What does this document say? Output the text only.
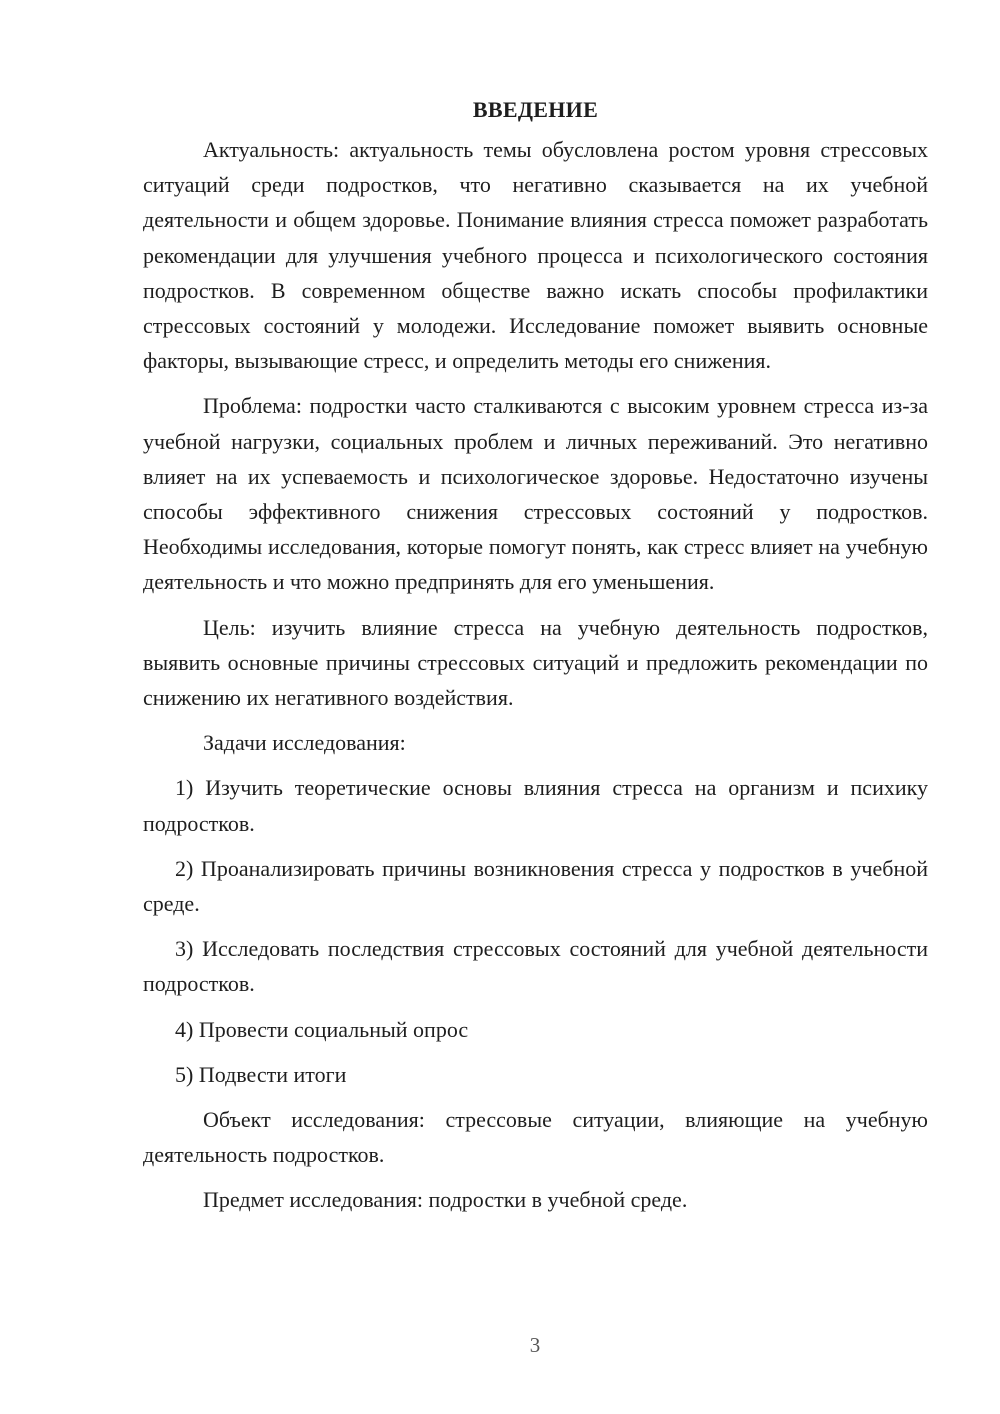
ВВЕДЕНИЕ

Актуальность: актуальность темы обусловлена ростом уровня стрессовых ситуаций среди подростков, что негативно сказывается на их учебной деятельности и общем здоровье. Понимание влияния стресса поможет разработать рекомендации для улучшения учебного процесса и психологического состояния подростков. В современном обществе важно искать способы профилактики стрессовых состояний у молодежи. Исследование поможет выявить основные факторы, вызывающие стресс, и определить методы его снижения.

Проблема: подростки часто сталкиваются с высоким уровнем стресса из-за учебной нагрузки, социальных проблем и личных переживаний. Это негативно влияет на их успеваемость и психологическое здоровье. Недостаточно изучены способы эффективного снижения стрессовых состояний у подростков. Необходимы исследования, которые помогут понять, как стресс влияет на учебную деятельность и что можно предпринять для его уменьшения.

Цель: изучить влияние стресса на учебную деятельность подростков, выявить основные причины стрессовых ситуаций и предложить рекомендации по снижению их негативного воздействия.

Задачи исследования:

1) Изучить теоретические основы влияния стресса на организм и психику подростков.

2) Проанализировать причины возникновения стресса у подростков в учебной среде.

3) Исследовать последствия стрессовых состояний для учебной деятельности подростков.

4) Провести социальный опрос

5) Подвести итоги

Объект исследования: стрессовые ситуации, влияющие на учебную деятельность подростков.

Предмет исследования: подростки в учебной среде.

3
